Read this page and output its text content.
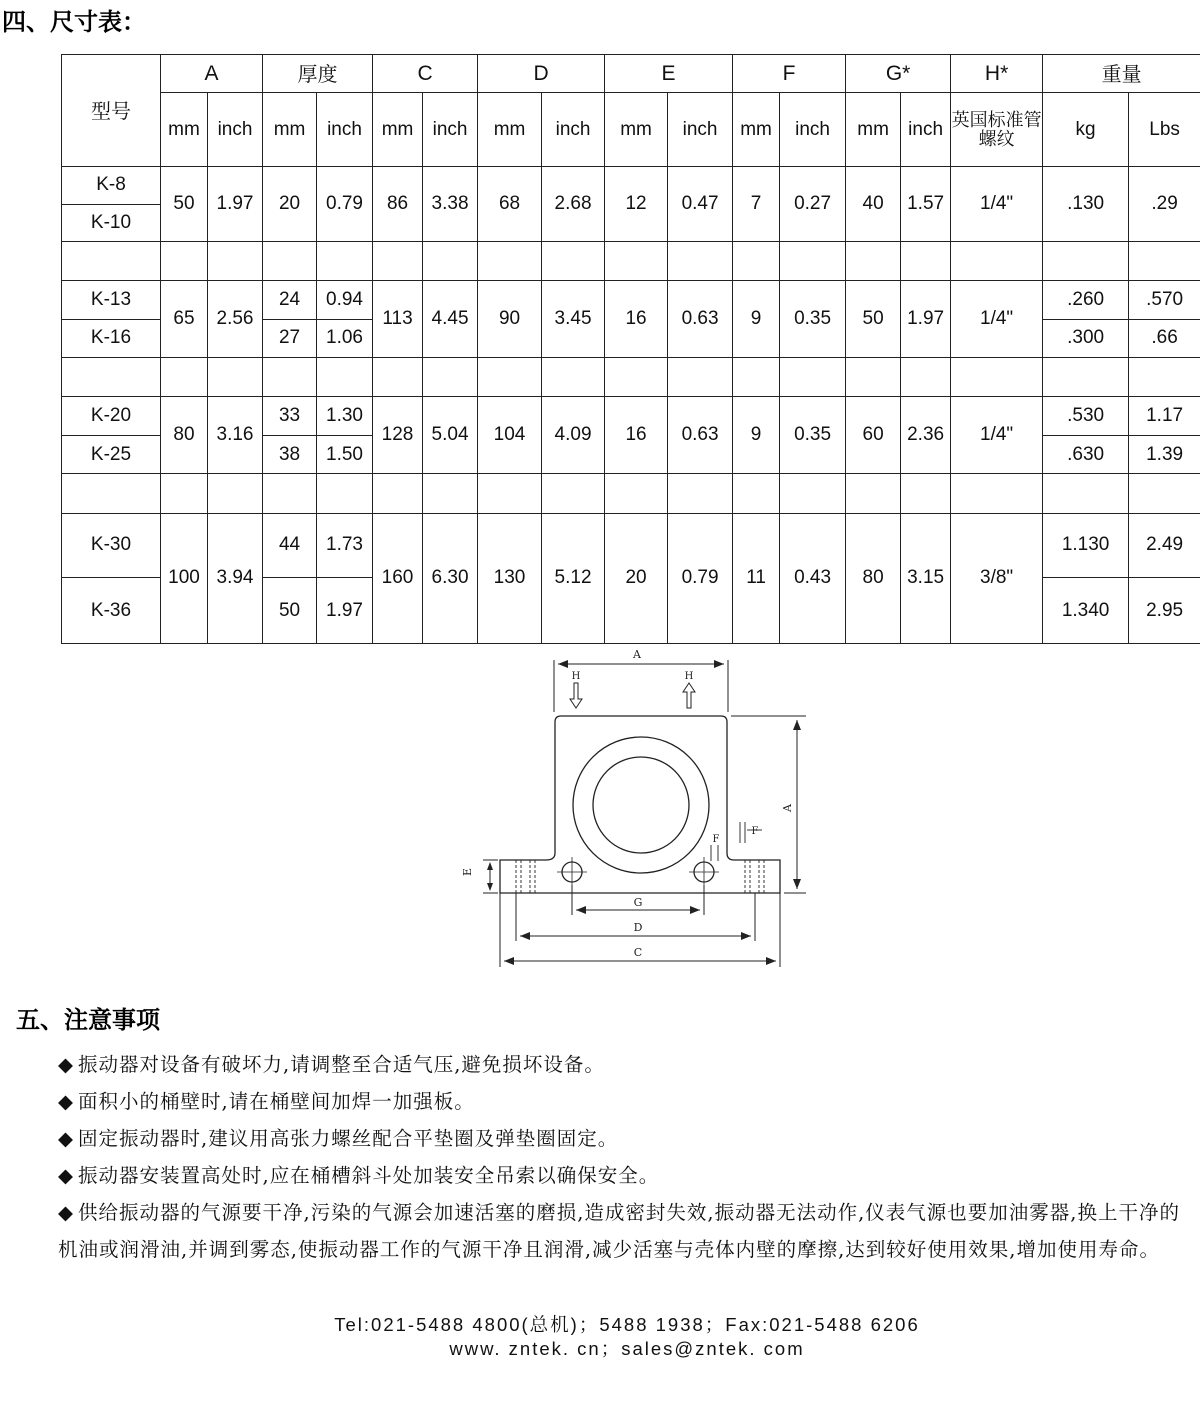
四、尺寸表：
型号	A		厚度		C		D		E		F		G*		H*	重量	
	mm	inch	mm	inch	mm	inch	mm	inch	mm	inch	mm	inch	mm	inch	英国标准管螺纹	kg	Lbs
K-8	50	1.97	20	0.79	86	3.38	68	2.68	12	0.47	7	0.27	40	1.57	1/4"	.130	.29
K-10																	

K-13	65	2.56	24	0.94	113	4.45	90	3.45	16	0.63	9	0.35	50	1.97	1/4"	.260	.570
K-16			27	1.06												.300	.66

K-20	80	3.16	33	1.30	128	5.04	104	4.09	16	0.63	9	0.35	60	2.36	1/4"	.530	1.17
K-25			38	1.50												.630	1.39

K-30	100	3.94	44	1.73	160	6.30	130	5.12	20	0.79	11	0.43	80	3.15	3/8"	1.130	2.49
K-36			50	1.97												1.340	2.95
A
H	H
A
F
F
E
G
D
C
五、注意事项
◆ 振动器对设备有破坏力,请调整至合适气压,避免损坏设备。
◆ 面积小的桶壁时,请在桶壁间加焊一加强板。
◆ 固定振动器时,建议用高张力螺丝配合平垫圈及弹垫圈固定。
◆ 振动器安装置高处时,应在桶槽斜斗处加装安全吊索以确保安全。
◆ 供给振动器的气源要干净,污染的气源会加速活塞的磨损,造成密封失效,振动器无法动作,仪表气源也要加油雾器,换上干净的机油或润滑油,并调到雾态,使振动器工作的气源干净且润滑,减少活塞与壳体内壁的摩擦,达到较好使用效果,增加使用寿命。
Tel:021-5488 4800(总机)；5488 1938；Fax:021-5488 6206
www. zntek. cn；sales@zntek. com
